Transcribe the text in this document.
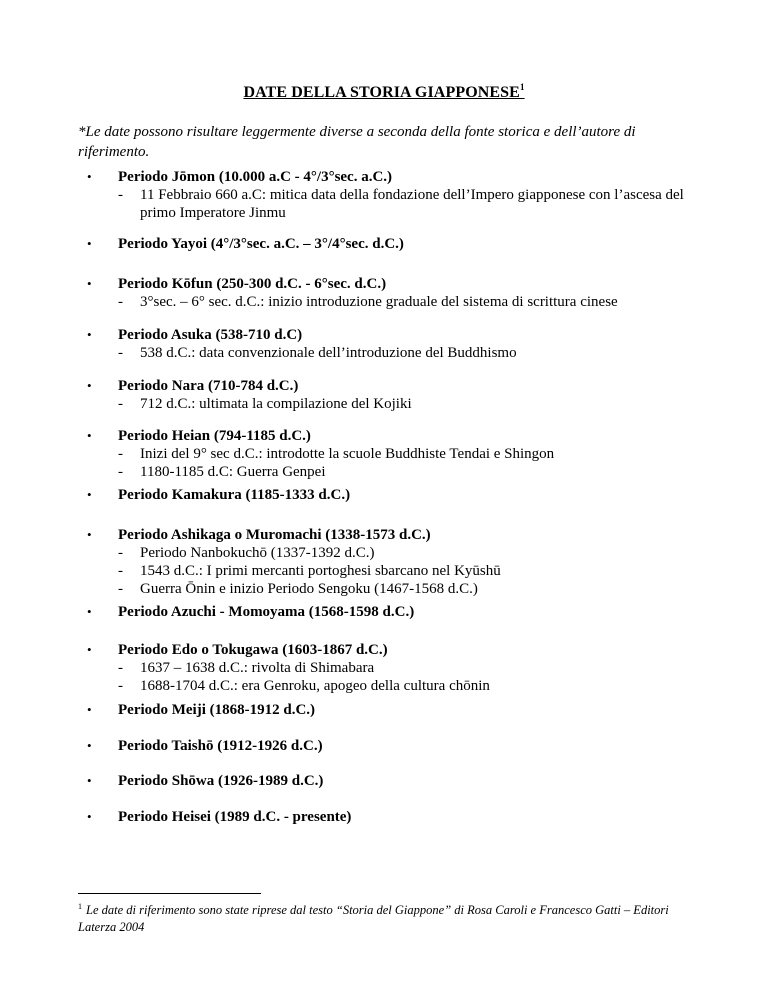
DATE DELLA STORIA GIAPPONESE$^1$
*Le date possono risultare leggermente diverse a seconda della fonte storica e dell’autore di riferimento.
• Periodo Jōmon (10.000 a.C - 4°/3°sec. a.C.)
- 11 Febbraio 660 a.C: mitica data della fondazione dell’Impero giapponese con l’ascesa del primo Imperatore Jinmu
• Periodo Yayoi (4°/3°sec. a.C. – 3°/4°sec. d.C.)
• Periodo Kōfun (250-300 d.C. - 6°sec. d.C.)
- 3°sec. – 6° sec. d.C.: inizio introduzione graduale del sistema di scrittura cinese
• Periodo Asuka (538-710 d.C)
- 538 d.C.: data convenzionale dell’introduzione del Buddhismo
• Periodo Nara (710-784 d.C.)
- 712 d.C.: ultimata la compilazione del Kojiki
• Periodo Heian (794-1185 d.C.)
- Inizi del 9° sec d.C.: introdotte la scuole Buddhiste Tendai e Shingon
- 1180-1185 d.C: Guerra Genpei
• Periodo Kamakura (1185-1333 d.C.)
• Periodo Ashikaga o Muromachi (1338-1573 d.C.)
- Periodo Nanbokuchō (1337-1392 d.C.)
- 1543 d.C.: I primi mercanti portoghesi sbarcano nel Kyūshū
- Guerra Ōnin e inizio Periodo Sengoku (1467-1568 d.C.)
• Periodo Azuchi - Momoyama (1568-1598 d.C.)
• Periodo Edo o Tokugawa (1603-1867 d.C.)
- 1637 – 1638 d.C.: rivolta di Shimabara
- 1688-1704 d.C.: era Genroku, apogeo della cultura chōnin
• Periodo Meiji (1868-1912 d.C.)
• Periodo Taishō (1912-1926 d.C.)
• Periodo Shōwa (1926-1989 d.C.)
• Periodo Heisei (1989 d.C. - presente)
$^1$ Le date di riferimento sono state riprese dal testo “Storia del Giappone” di Rosa Caroli e Francesco Gatti – Editori Laterza 2004
